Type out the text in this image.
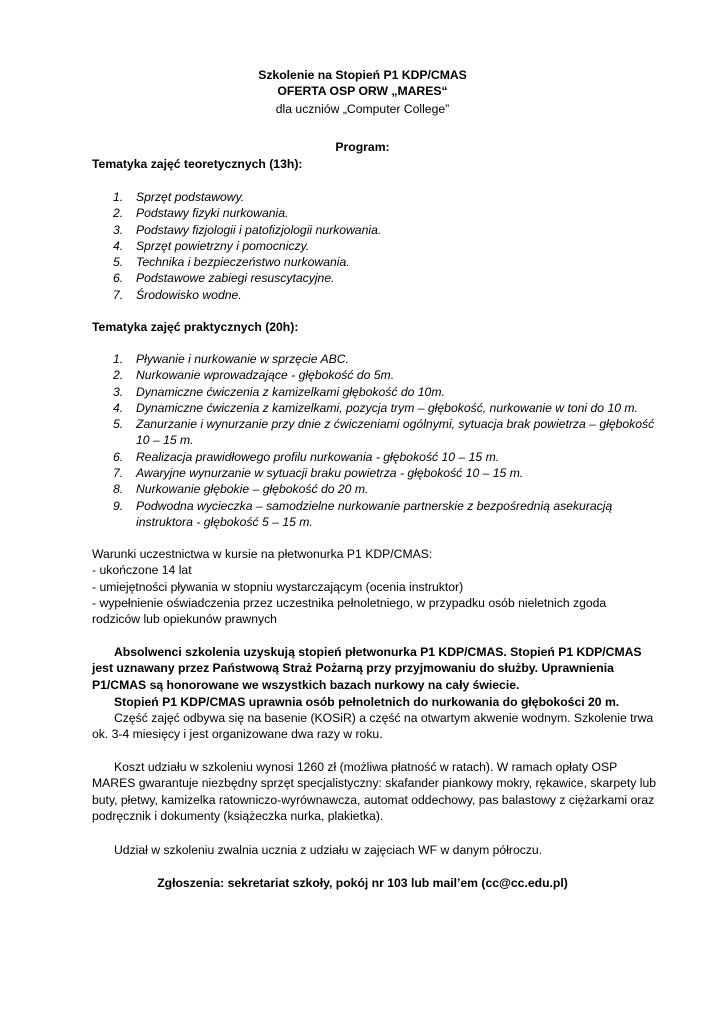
Szkolenie na Stopień P1 KDP/CMAS
OFERTA OSP ORW „MARES“
dla uczniów „Computer College”
Program:
Tematyka zajęć teoretycznych (13h):
1. Sprzęt podstawowy.
2. Podstawy fizyki nurkowania.
3. Podstawy fizjologii i patofizjologii nurkowania.
4. Sprzęt powietrzny i pomocniczy.
5. Technika i bezpieczeństwo nurkowania.
6. Podstawowe zabiegi resuscytacyjne.
7. Środowisko wodne.
Tematyka zajęć praktycznych (20h):
1. Pływanie i nurkowanie w sprzęcie ABC.
2. Nurkowanie wprowadzające - głębokość do 5m.
3. Dynamiczne ćwiczenia z kamizelkami głębokość do 10m.
4. Dynamiczne ćwiczenia z kamizelkami, pozycja trym – głębokość, nurkowanie w toni do 10 m.
5. Zanurzanie i wynurzanie przy dnie z ćwiczeniami ogólnymi, sytuacja brak powietrza – głębokość 10 – 15 m.
6. Realizacja prawidłowego profilu nurkowania - głębokość 10 – 15 m.
7. Awaryjne wynurzanie w sytuacji braku powietrza - głębokość 10 – 15 m.
8. Nurkowanie głębokie – głębokość do 20 m.
9. Podwodna wycieczka – samodzielne nurkowanie partnerskie z bezpośrednią asekuracją instruktora - głębokość 5 – 15 m.
Warunki uczestnictwa w kursie na płetwonurka P1 KDP/CMAS:
- ukończone 14 lat
- umiejętności pływania w stopniu wystarczającym (ocenia instruktor)
- wypełnienie oświadczenia przez uczestnika pełnoletniego, w przypadku osób nieletnich zgoda rodziców lub opiekunów prawnych
Absolwenci szkolenia uzyskują stopień płetwonurka P1 KDP/CMAS. Stopień P1 KDP/CMAS jest uznawany przez Państwową Straż Pożarną przy przyjmowaniu do służby. Uprawnienia P1/CMAS są honorowane we wszystkich bazach nurkowy na cały świecie.
Stopień P1 KDP/CMAS uprawnia osób pełnoletnich do nurkowania do głębokości 20 m.
Część zajęć odbywa się na basenie (KOSiR) a część na otwartym akwenie wodnym. Szkolenie trwa ok. 3-4 miesięcy i jest organizowane dwa razy w roku.
Koszt udziału w szkoleniu wynosi 1260 zł (możliwa płatność w ratach). W ramach opłaty OSP MARES gwarantuje niezbędny sprzęt specjalistyczny: skafander piankowy mokry, rękawice, skarpety lub buty, płetwy, kamizelka ratowniczo-wyrównawcza, automat oddechowy, pas balastowy z ciężarkami oraz podręcznik i dokumenty (książeczka nurka, plakietka).
Udział w szkoleniu zwalnia ucznia z udziału w zajęciach WF w danym półroczu.
Zgłoszenia: sekretariat szkoły, pokój nr 103 lub mail’em (cc@cc.edu.pl)
